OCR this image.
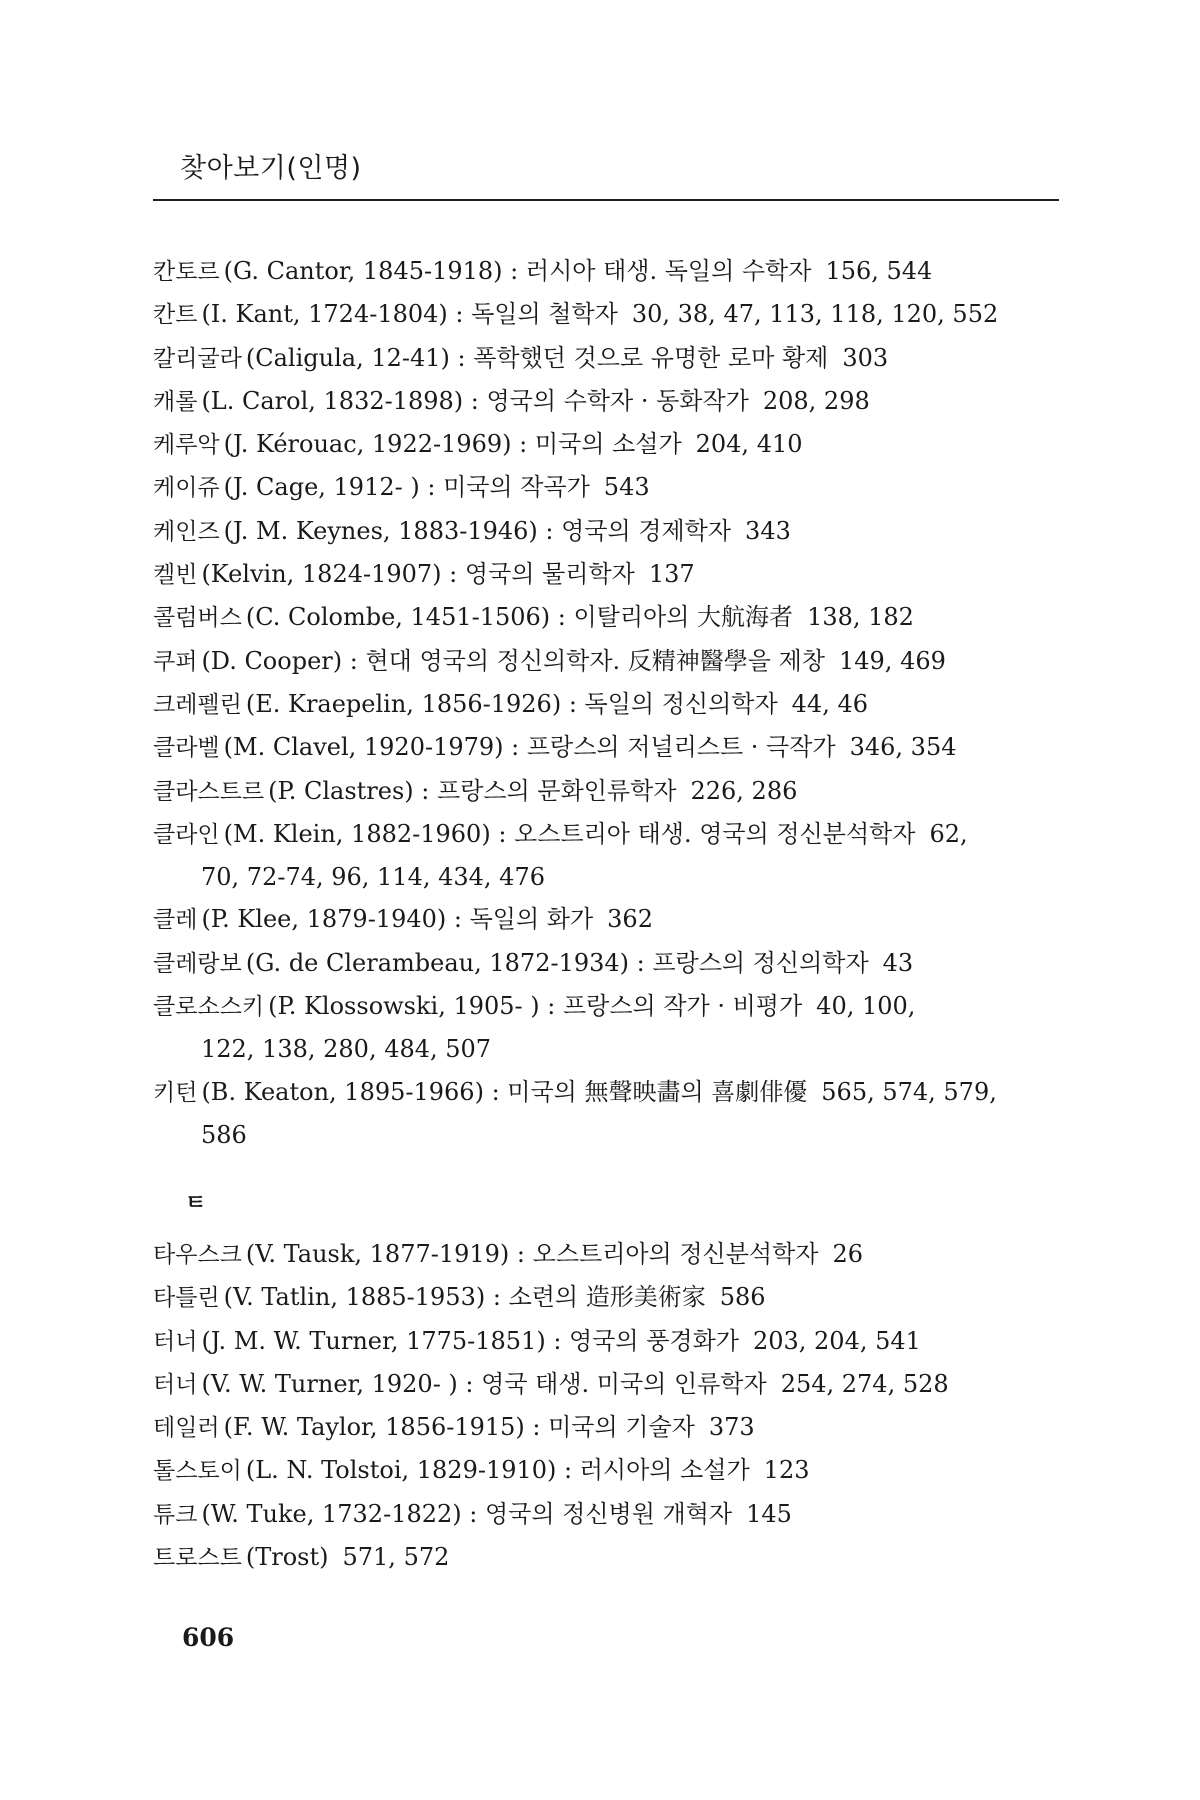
찾아보기(인명)
칸토르 (G. Cantor, 1845-1918) : 러시아 태생. 독일의 수학자 156, 544
칸트 (I. Kant, 1724-1804) : 독일의 철학자 30, 38, 47, 113, 118, 120, 552
칼리굴라 (Caligula, 12-41) : 폭학했던 것으로 유명한 로마 황제 303
캐롤 (L. Carol, 1832-1898) : 영국의 수학자 · 동화작가 208, 298
케루악 (J. Kérouac, 1922-1969) : 미국의 소설가 204, 410
케이쥬 (J. Cage, 1912- ) : 미국의 작곡가 543
케인즈 (J. M. Keynes, 1883-1946) : 영국의 경제학자 343
켈빈 (Kelvin, 1824-1907) : 영국의 물리학자 137
콜럼버스 (C. Colombe, 1451-1506) : 이탈리아의 大航海者 138, 182
쿠퍼 (D. Cooper) : 현대 영국의 정신의학자. 反精神醫學을 제창 149, 469
크레펠린 (E. Kraepelin, 1856-1926) : 독일의 정신의학자 44, 46
클라벨 (M. Clavel, 1920-1979) : 프랑스의 저널리스트 · 극작가 346, 354
클라스트르 (P. Clastres) : 프랑스의 문화인류학자 226, 286
클라인 (M. Klein, 1882-1960) : 오스트리아 태생. 영국의 정신분석학자 62,
70, 72-74, 96, 114, 434, 476
클레 (P. Klee, 1879-1940) : 독일의 화가 362
클레랑보 (G. de Clerambeau, 1872-1934) : 프랑스의 정신의학자 43
클로소스키 (P. Klossowski, 1905- ) : 프랑스의 작가 · 비평가 40, 100,
122, 138, 280, 484, 507
키턴 (B. Keaton, 1895-1966) : 미국의 無聲映畵의 喜劇俳優 565, 574, 579,
586
ㅌ
타우스크 (V. Tausk, 1877-1919) : 오스트리아의 정신분석학자 26
타틀린 (V. Tatlin, 1885-1953) : 소련의 造形美術家 586
터너 (J. M. W. Turner, 1775-1851) : 영국의 풍경화가 203, 204, 541
터너 (V. W. Turner, 1920- ) : 영국 태생. 미국의 인류학자 254, 274, 528
테일러 (F. W. Taylor, 1856-1915) : 미국의 기술자 373
톨스토이 (L. N. Tolstoi, 1829-1910) : 러시아의 소설가 123
튜크 (W. Tuke, 1732-1822) : 영국의 정신병원 개혁자 145
트로스트 (Trost) 571, 572
606
